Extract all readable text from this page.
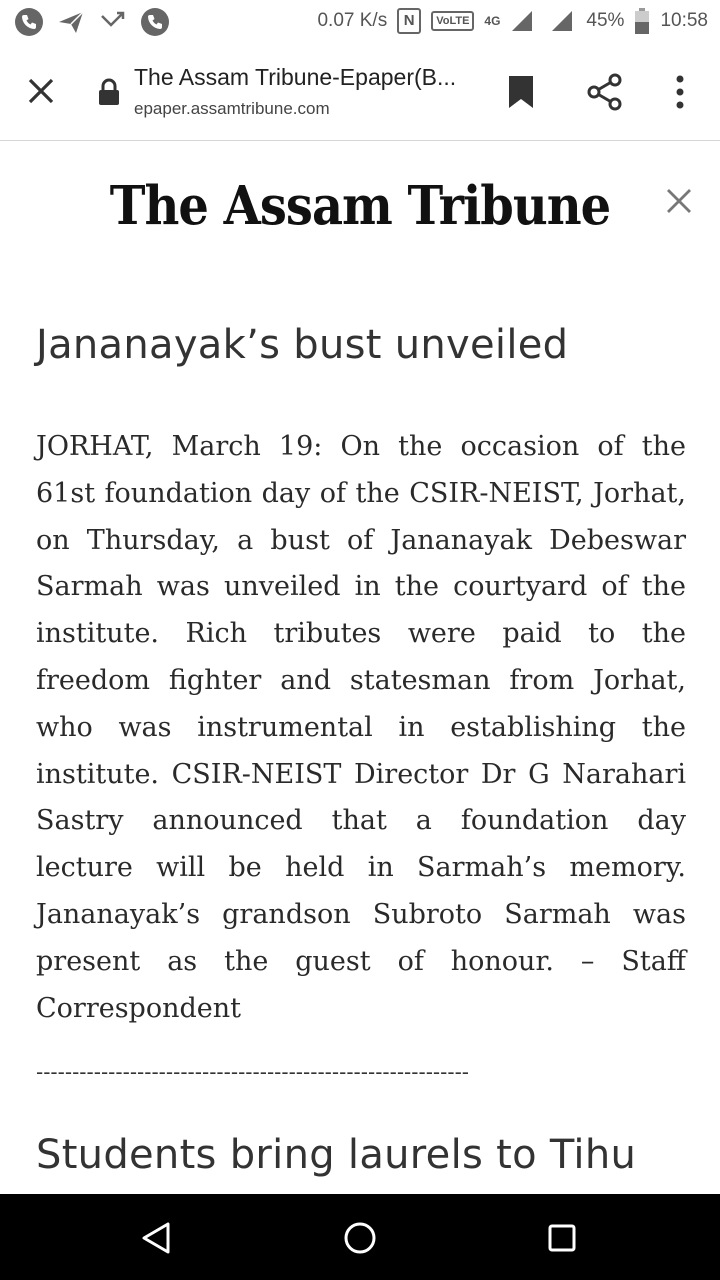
0.07 K/s	N	VoLTE	4G	45% 10:58
The Assam Tribune-Epaper(B...
epaper.assamtribune.com
The Assam Tribune
Jananayak’s bust unveiled

JORHAT, March 19: On the occasion of the 61st foundation day of the CSIR-NEIST, Jorhat, on Thursday, a bust of Jananayak Debeswar Sarmah was unveiled in the courtyard of the institute. Rich tributes were paid to the freedom fighter and statesman from Jorhat, who was instrumental in establishing the institute. CSIR-NEIST Director Dr G Narahari Sastry announced that a foundation day lecture will be held in Sarmah’s memory. Jananayak’s grandson Subroto Sarmah was present as the guest of honour. – Staff Correspondent

------------------------------------------------------------
Students bring laurels to Tihu
